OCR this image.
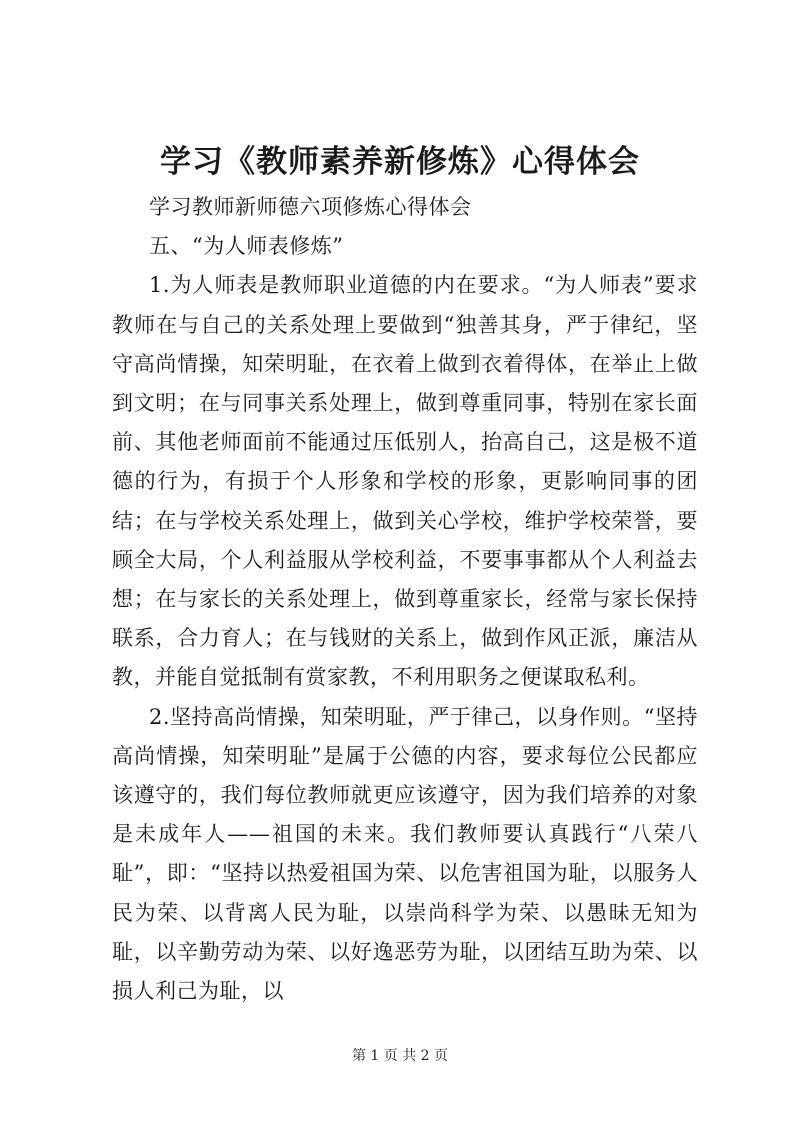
学习《教师素养新修炼》心得体会

学习教师新师德六项修炼心得体会

五、“为人师表修炼”

1.为人师表是教师职业道德的内在要求。“为人师表”要求教师在与自己的关系处理上要做到“独善其身，严于律纪，坚守高尚情操，知荣明耻，在衣着上做到衣着得体，在举止上做到文明；在与同事关系处理上，做到尊重同事，特别在家长面前、其他老师面前不能通过压低别人，抬高自己，这是极不道德的行为，有损于个人形象和学校的形象，更影响同事的团结；在与学校关系处理上，做到关心学校，维护学校荣誉，要顾全大局，个人利益服从学校利益，不要事事都从个人利益去想；在与家长的关系处理上，做到尊重家长，经常与家长保持联系，合力育人；在与钱财的关系上，做到作风正派，廉洁从教，并能自觉抵制有赏家教，不利用职务之便谋取私利。

2.坚持高尚情操，知荣明耻，严于律己，以身作则。“坚持高尚情操，知荣明耻”是属于公德的内容，要求每位公民都应该遵守的，我们每位教师就更应该遵守，因为我们培养的对象是未成年人——祖国的未来。我们教师要认真践行“八荣八耻”，即：“坚持以热爱祖国为荣、以危害祖国为耻，以服务人民为荣、以背离人民为耻，以崇尚科学为荣、以愚昧无知为耻，以辛勤劳动为荣、以好逸恶劳为耻，以团结互助为荣、以损人利己为耻，以

第 1 页 共 2 页
